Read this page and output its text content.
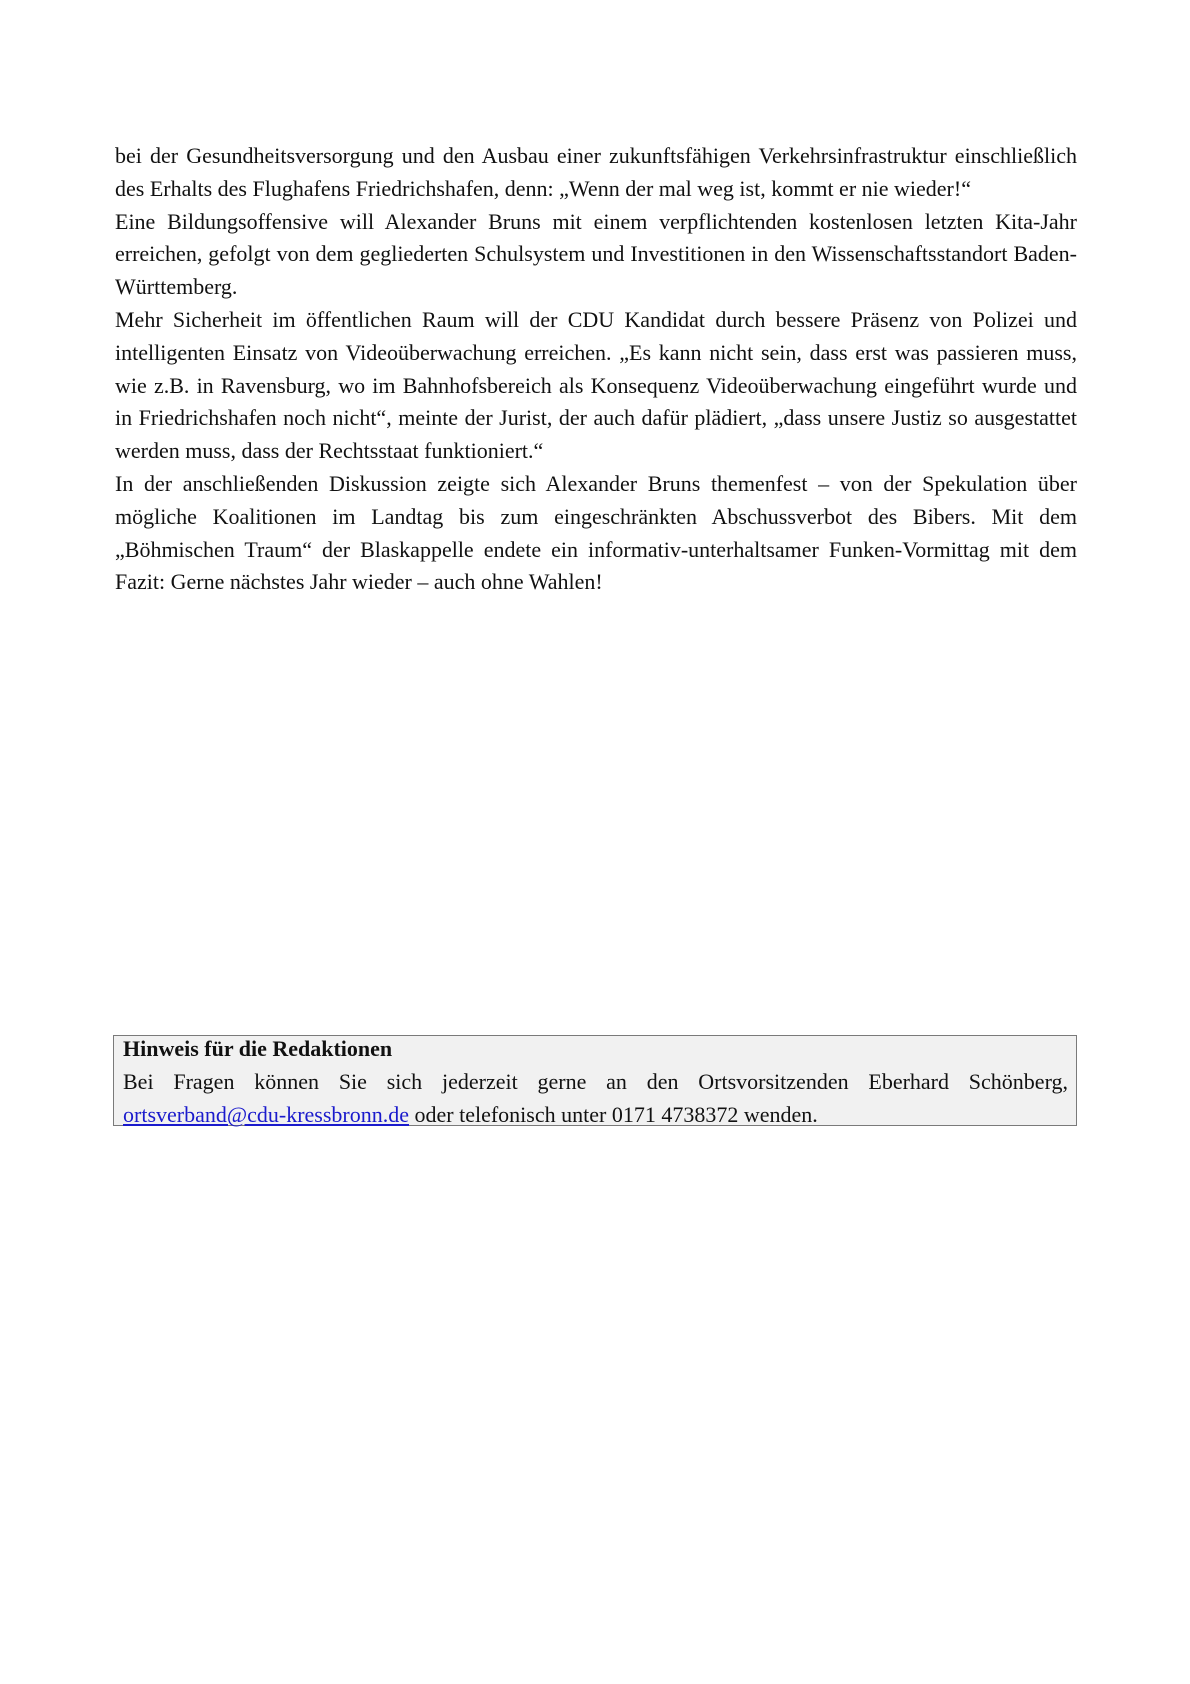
bei der Gesundheitsversorgung und den Ausbau einer zukunftsfähigen Verkehrsinfrastruktur einschließlich des Erhalts des Flughafens Friedrichshafen, denn: „Wenn der mal weg ist, kommt er nie wieder!“

Eine Bildungsoffensive will Alexander Bruns mit einem verpflichtenden kostenlosen letzten Kita-Jahr erreichen, gefolgt von dem gegliederten Schulsystem und Investitionen in den Wissenschaftsstandort Baden-Württemberg.

Mehr Sicherheit im öffentlichen Raum will der CDU Kandidat durch bessere Präsenz von Polizei und intelligenten Einsatz von Videoüberwachung erreichen. „Es kann nicht sein, dass erst was passieren muss, wie z.B. in Ravensburg, wo im Bahnhofsbereich als Konsequenz Videoüberwachung eingeführt wurde und in Friedrichshafen noch nicht“, meinte der Jurist, der auch dafür plädiert, „dass unsere Justiz so ausgestattet werden muss, dass der Rechtsstaat funktioniert.“

In der anschließenden Diskussion zeigte sich Alexander Bruns themenfest – von der Spekulation über mögliche Koalitionen im Landtag bis zum eingeschränkten Abschussverbot des Bibers. Mit dem „Böhmischen Traum“ der Blaskappelle endete ein informativ-unterhaltsamer Funken-Vormittag mit dem Fazit: Gerne nächstes Jahr wieder – auch ohne Wahlen!

Hinweis für die Redaktionen

Bei Fragen können Sie sich jederzeit gerne an den Ortsvorsitzenden Eberhard Schönberg, ortsverband@cdu-kressbronn.de oder telefonisch unter 0171 4738372 wenden.
